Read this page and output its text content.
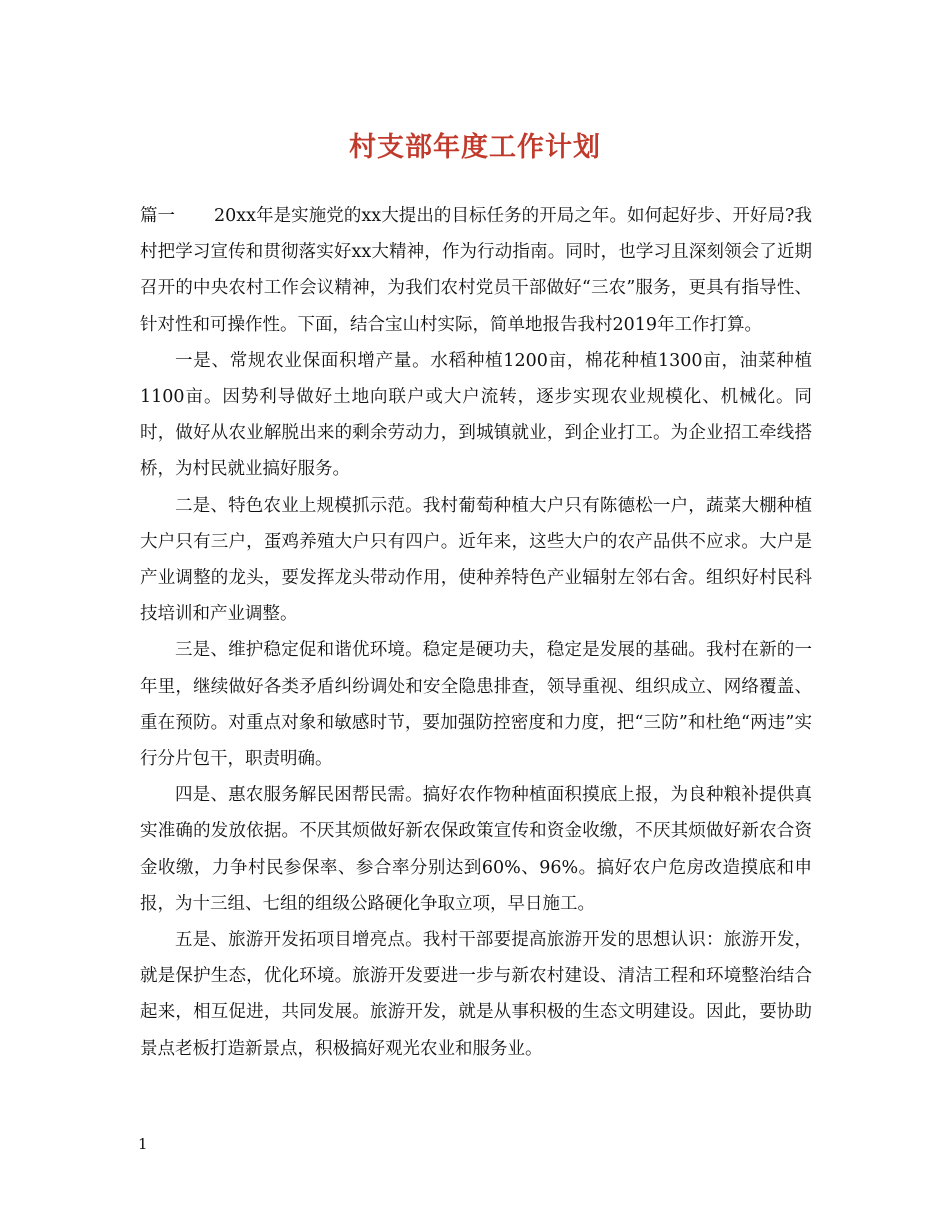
村支部年度工作计划

篇一 20xx年是实施党的xx大提出的目标任务的开局之年。如何起好步、开好局?我村把学习宣传和贯彻落实好xx大精神，作为行动指南。同时，也学习且深刻领会了近期召开的中央农村工作会议精神，为我们农村党员干部做好“三农”服务，更具有指导性、针对性和可操作性。下面，结合宝山村实际，简单地报告我村2019年工作打算。

一是、常规农业保面积增产量。水稻种植1200亩，棉花种植1300亩，油菜种植1100亩。因势利导做好土地向联户或大户流转，逐步实现农业规模化、机械化。同时，做好从农业解脱出来的剩余劳动力，到城镇就业，到企业打工。为企业招工牵线搭桥，为村民就业搞好服务。

二是、特色农业上规模抓示范。我村葡萄种植大户只有陈德松一户，蔬菜大棚种植大户只有三户，蛋鸡养殖大户只有四户。近年来，这些大户的农产品供不应求。大户是产业调整的龙头，要发挥龙头带动作用，使种养特色产业辐射左邻右舍。组织好村民科技培训和产业调整。

三是、维护稳定促和谐优环境。稳定是硬功夫，稳定是发展的基础。我村在新的一年里，继续做好各类矛盾纠纷调处和安全隐患排查，领导重视、组织成立、网络覆盖、重在预防。对重点对象和敏感时节，要加强防控密度和力度，把“三防”和杜绝“两违”实行分片包干，职责明确。

四是、惠农服务解民困帮民需。搞好农作物种植面积摸底上报，为良种粮补提供真实准确的发放依据。不厌其烦做好新农保政策宣传和资金收缴，不厌其烦做好新农合资金收缴，力争村民参保率、参合率分别达到60%、96%。搞好农户危房改造摸底和申报，为十三组、七组的组级公路硬化争取立项，早日施工。

五是、旅游开发拓项目增亮点。我村干部要提高旅游开发的思想认识：旅游开发，就是保护生态，优化环境。旅游开发要进一步与新农村建设、清洁工程和环境整治结合起来，相互促进，共同发展。旅游开发，就是从事积极的生态文明建设。因此，要协助景点老板打造新景点，积极搞好观光农业和服务业。

1
